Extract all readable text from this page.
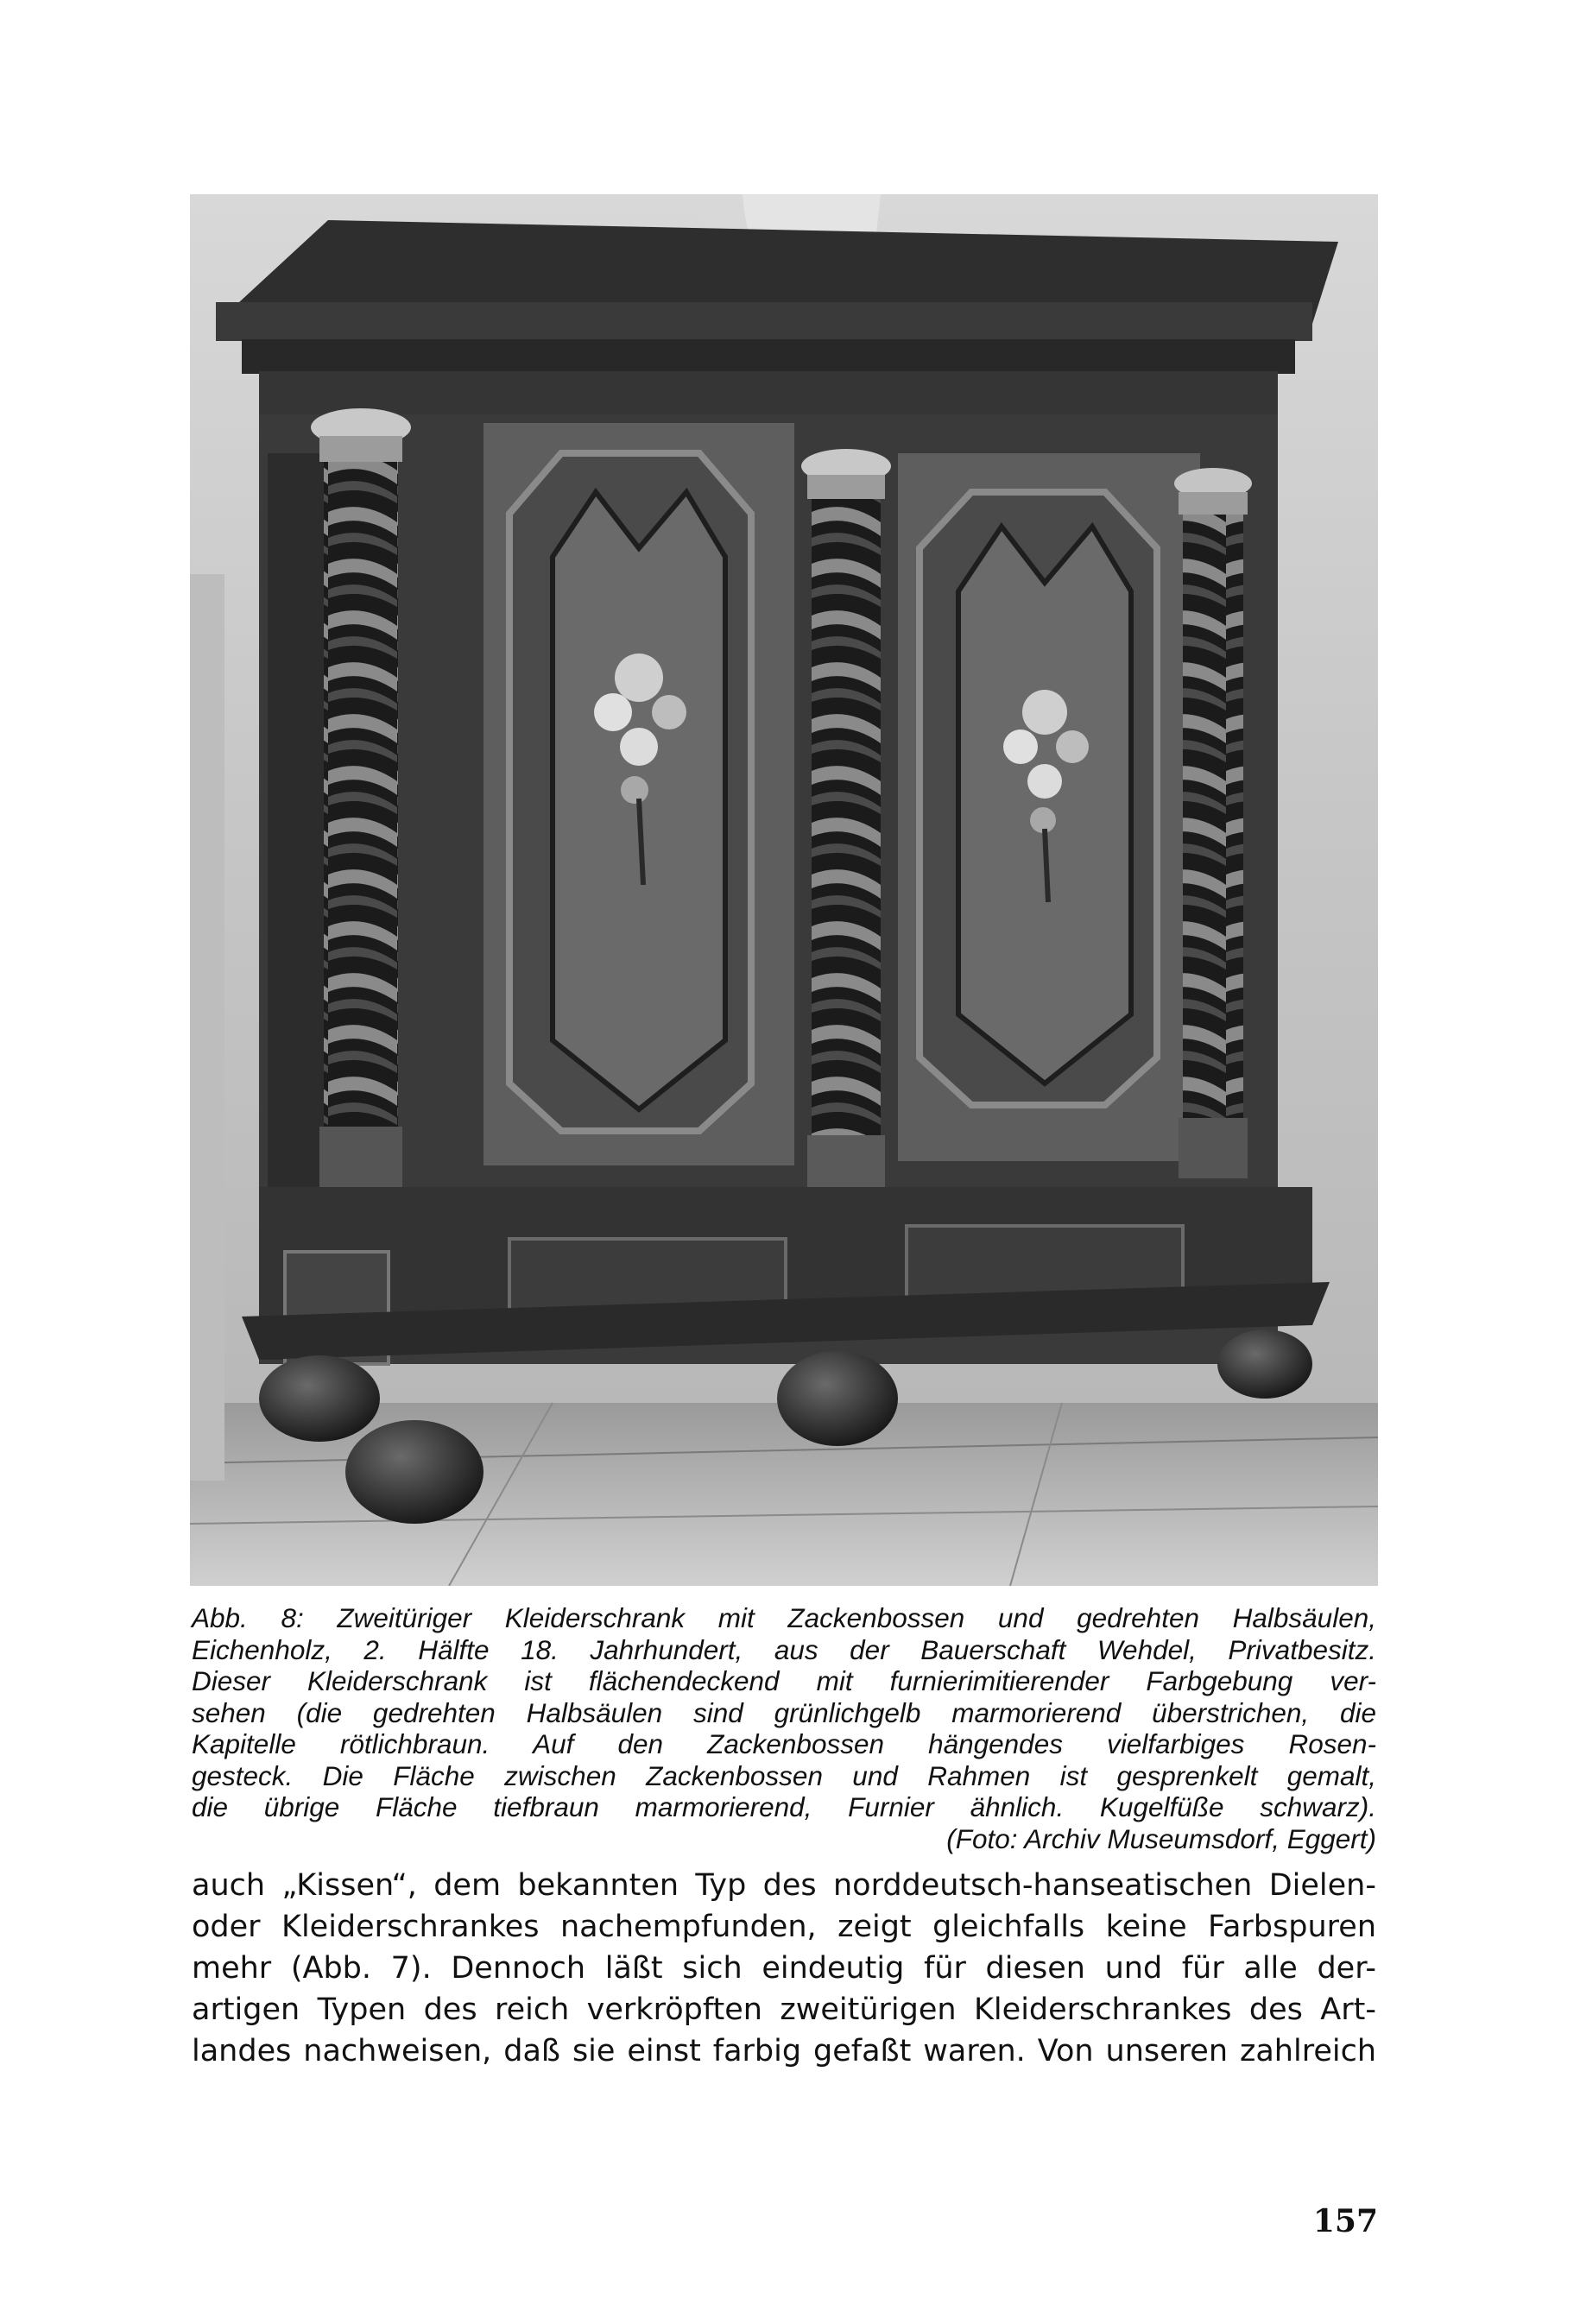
Abb. 8: Zweitüriger Kleiderschrank mit Zackenbossen und gedrehten Halbsäulen,
Eichenholz, 2. Hälfte 18. Jahrhundert, aus der Bauerschaft Wehdel, Privatbesitz.
Dieser Kleiderschrank ist flächendeckend mit furnierimitierender Farbgebung ver-
sehen (die gedrehten Halbsäulen sind grünlichgelb marmorierend überstrichen, die
Kapitelle rötlichbraun. Auf den Zackenbossen hängendes vielfarbiges Rosen-
gesteck. Die Fläche zwischen Zackenbossen und Rahmen ist gesprenkelt gemalt,
die übrige Fläche tiefbraun marmorierend, Furnier ähnlich. Kugelfüße schwarz).
(Foto: Archiv Museumsdorf, Eggert)
auch „Kissen“, dem bekannten Typ des norddeutsch-hanseatischen Dielen-
oder Kleiderschrankes nachempfunden, zeigt gleichfalls keine Farbspuren
mehr (Abb. 7). Dennoch läßt sich eindeutig für diesen und für alle der-
artigen Typen des reich verkröpften zweitürigen Kleiderschrankes des Art-
landes nachweisen, daß sie einst farbig gefaßt waren. Von unseren zahlreich
157
